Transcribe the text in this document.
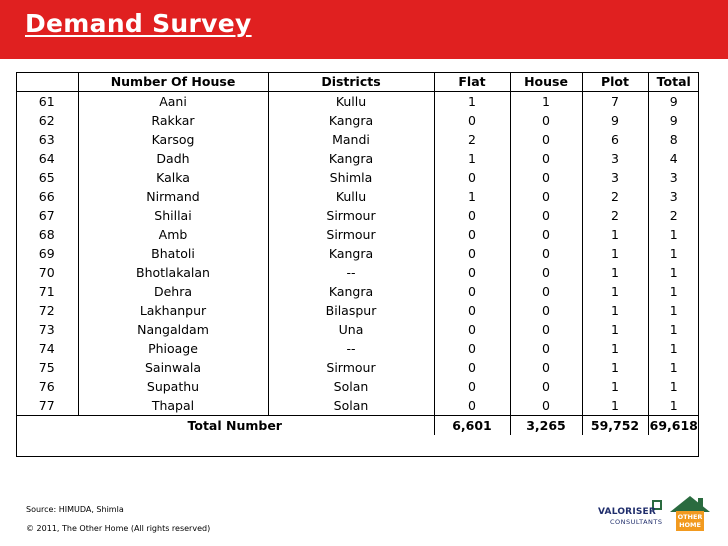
Demand Survey
	Number Of House	Districts	Flat	House	Plot	Total
61	Aani	Kullu	1	1	7	9
62	Rakkar	Kangra	0	0	9	9
63	Karsog	Mandi	2	0	6	8
64	Dadh	Kangra	1	0	3	4
65	Kalka	Shimla	0	0	3	3
66	Nirmand	Kullu	1	0	2	3
67	Shillai	Sirmour	0	0	2	2
68	Amb	Sirmour	0	0	1	1
69	Bhatoli	Kangra	0	0	1	1
70	Bhotlakalan	--	0	0	1	1
71	Dehra	Kangra	0	0	1	1
72	Lakhanpur	Bilaspur	0	0	1	1
73	Nangaldam	Una	0	0	1	1
74	Phioage	--	0	0	1	1
75	Sainwala	Sirmour	0	0	1	1
76	Supathu	Solan	0	0	1	1
77	Thapal	Solan	0	0	1	1
Total Number			6,601	3,265	59,752	69,618
Source: HIMUDA, Shimla
© 2011, The Other Home (All rights reserved)
VALORISER
CONSULTANTS
OTHER
HOME
